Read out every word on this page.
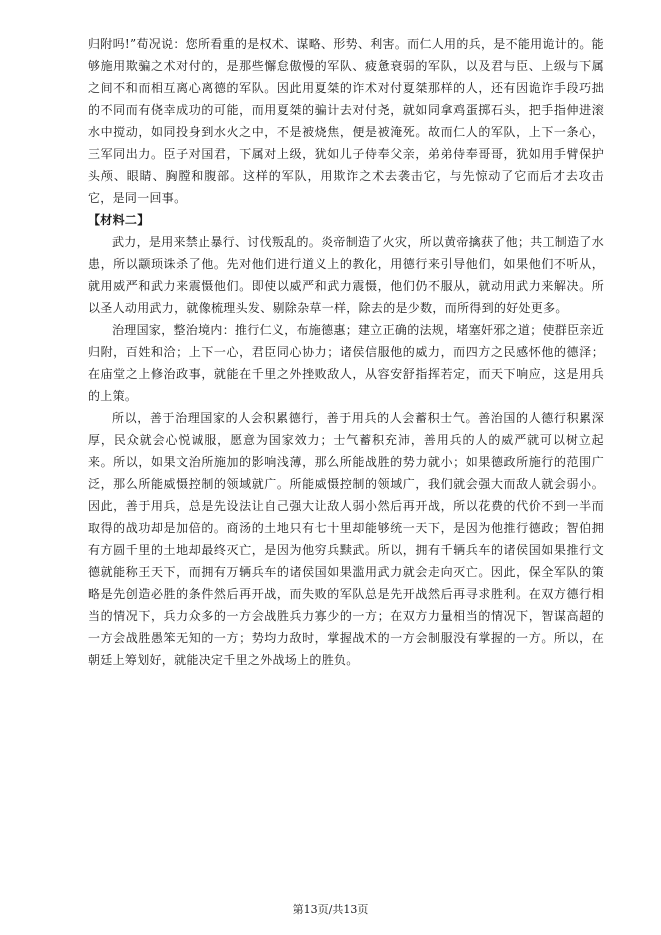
归附吗!”荀况说：您所看重的是权术、谋略、形势、利害。而仁人用的兵，是不能用诡计的。能够施用欺骗之术对付的，是那些懈怠傲慢的军队、疲惫衰弱的军队，以及君与臣、上级与下属之间不和而相互离心离德的军队。因此用夏桀的诈术对付夏桀那样的人，还有因诡诈手段巧拙的不同而有侥幸成功的可能，而用夏桀的骗计去对付尧，就如同拿鸡蛋掷石头，把手指伸进滚水中搅动，如同投身到水火之中，不是被烧焦，便是被淹死。故而仁人的军队，上下一条心，三军同出力。臣子对国君，下属对上级，犹如儿子侍奉父亲，弟弟侍奉哥哥，犹如用手臂保护头颅、眼睛、胸膛和腹部。这样的军队，用欺诈之术去袭击它，与先惊动了它而后才去攻击它，是同一回事。

【材料二】

武力，是用来禁止暴行、讨伐叛乱的。炎帝制造了火灾，所以黄帝擒获了他；共工制造了水患，所以颛顼诛杀了他。先对他们进行道义上的教化，用德行来引导他们，如果他们不听从，就用威严和武力来震慑他们。即使以威严和武力震慑，他们仍不服从，就动用武力来解决。所以圣人动用武力，就像梳理头发、剔除杂草一样，除去的是少数，而所得到的好处更多。

治理国家，整治境内：推行仁义，布施德惠；建立正确的法规，堵塞奸邪之道；使群臣亲近归附，百姓和洽；上下一心，君臣同心协力；诸侯信服他的威力，而四方之民感怀他的德泽；在庙堂之上修治政事，就能在千里之外挫败敌人，从容安舒指挥若定，而天下响应，这是用兵的上策。

所以，善于治理国家的人会积累德行，善于用兵的人会蓄积士气。善治国的人德行积累深厚，民众就会心悦诚服，愿意为国家效力；士气蓄积充沛，善用兵的人的威严就可以树立起来。所以，如果文治所施加的影响浅薄，那么所能战胜的势力就小；如果德政所施行的范围广泛，那么所能威慑控制的领域就广。所能威慑控制的领域广，我们就会强大而敌人就会弱小。因此，善于用兵，总是先设法让自己强大让敌人弱小然后再开战，所以花费的代价不到一半而取得的战功却是加倍的。商汤的土地只有七十里却能够统一天下，是因为他推行德政；智伯拥有方圆千里的土地却最终灭亡，是因为他穷兵黩武。所以，拥有千辆兵车的诸侯国如果推行文德就能称王天下，而拥有万辆兵车的诸侯国如果滥用武力就会走向灭亡。因此，保全军队的策略是先创造必胜的条件然后再开战，而失败的军队总是先开战然后再寻求胜利。在双方德行相当的情况下，兵力众多的一方会战胜兵力寡少的一方；在双方力量相当的情况下，智谋高超的一方会战胜愚笨无知的一方；势均力敌时，掌握战术的一方会制服没有掌握的一方。所以，在朝廷上筹划好，就能决定千里之外战场上的胜负。

第13页/共13页
